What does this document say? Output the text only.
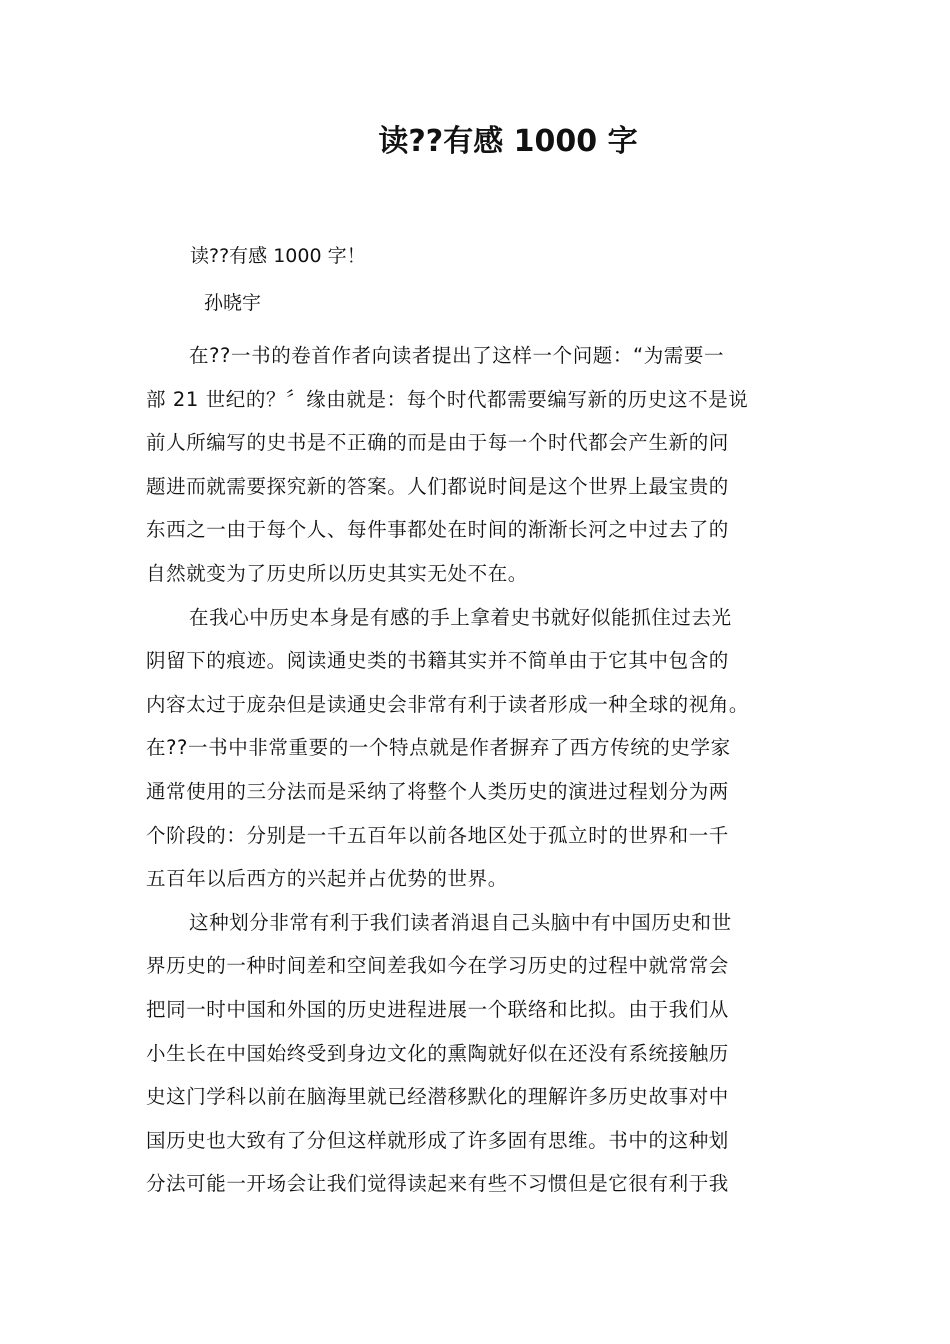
读??有感 1000 字
读??有感 1000 字！
孙晓宇
在??一书的卷首作者向读者提出了这样一个问题：“为需要一
部 21 世纪的？〞缘由就是：每个时代都需要编写新的历史这不是说
前人所编写的史书是不正确的而是由于每一个时代都会产生新的问
题进而就需要探究新的答案。人们都说时间是这个世界上最宝贵的
东西之一由于每个人、每件事都处在时间的渐渐长河之中过去了的
自然就变为了历史所以历史其实无处不在。
在我心中历史本身是有感的手上拿着史书就好似能抓住过去光
阴留下的痕迹。阅读通史类的书籍其实并不简单由于它其中包含的
内容太过于庞杂但是读通史会非常有利于读者形成一种全球的视角。
在??一书中非常重要的一个特点就是作者摒弃了西方传统的史学家
通常使用的三分法而是采纳了将整个人类历史的演进过程划分为两
个阶段的：分别是一千五百年以前各地区处于孤立时的世界和一千
五百年以后西方的兴起并占优势的世界。
这种划分非常有利于我们读者消退自己头脑中有中国历史和世
界历史的一种时间差和空间差我如今在学习历史的过程中就常常会
把同一时中国和外国的历史进程进展一个联络和比拟。由于我们从
小生长在中国始终受到身边文化的熏陶就好似在还没有系统接触历
史这门学科以前在脑海里就已经潜移默化的理解许多历史故事对中
国历史也大致有了分但这样就形成了许多固有思维。书中的这种划
分法可能一开场会让我们觉得读起来有些不习惯但是它很有利于我
